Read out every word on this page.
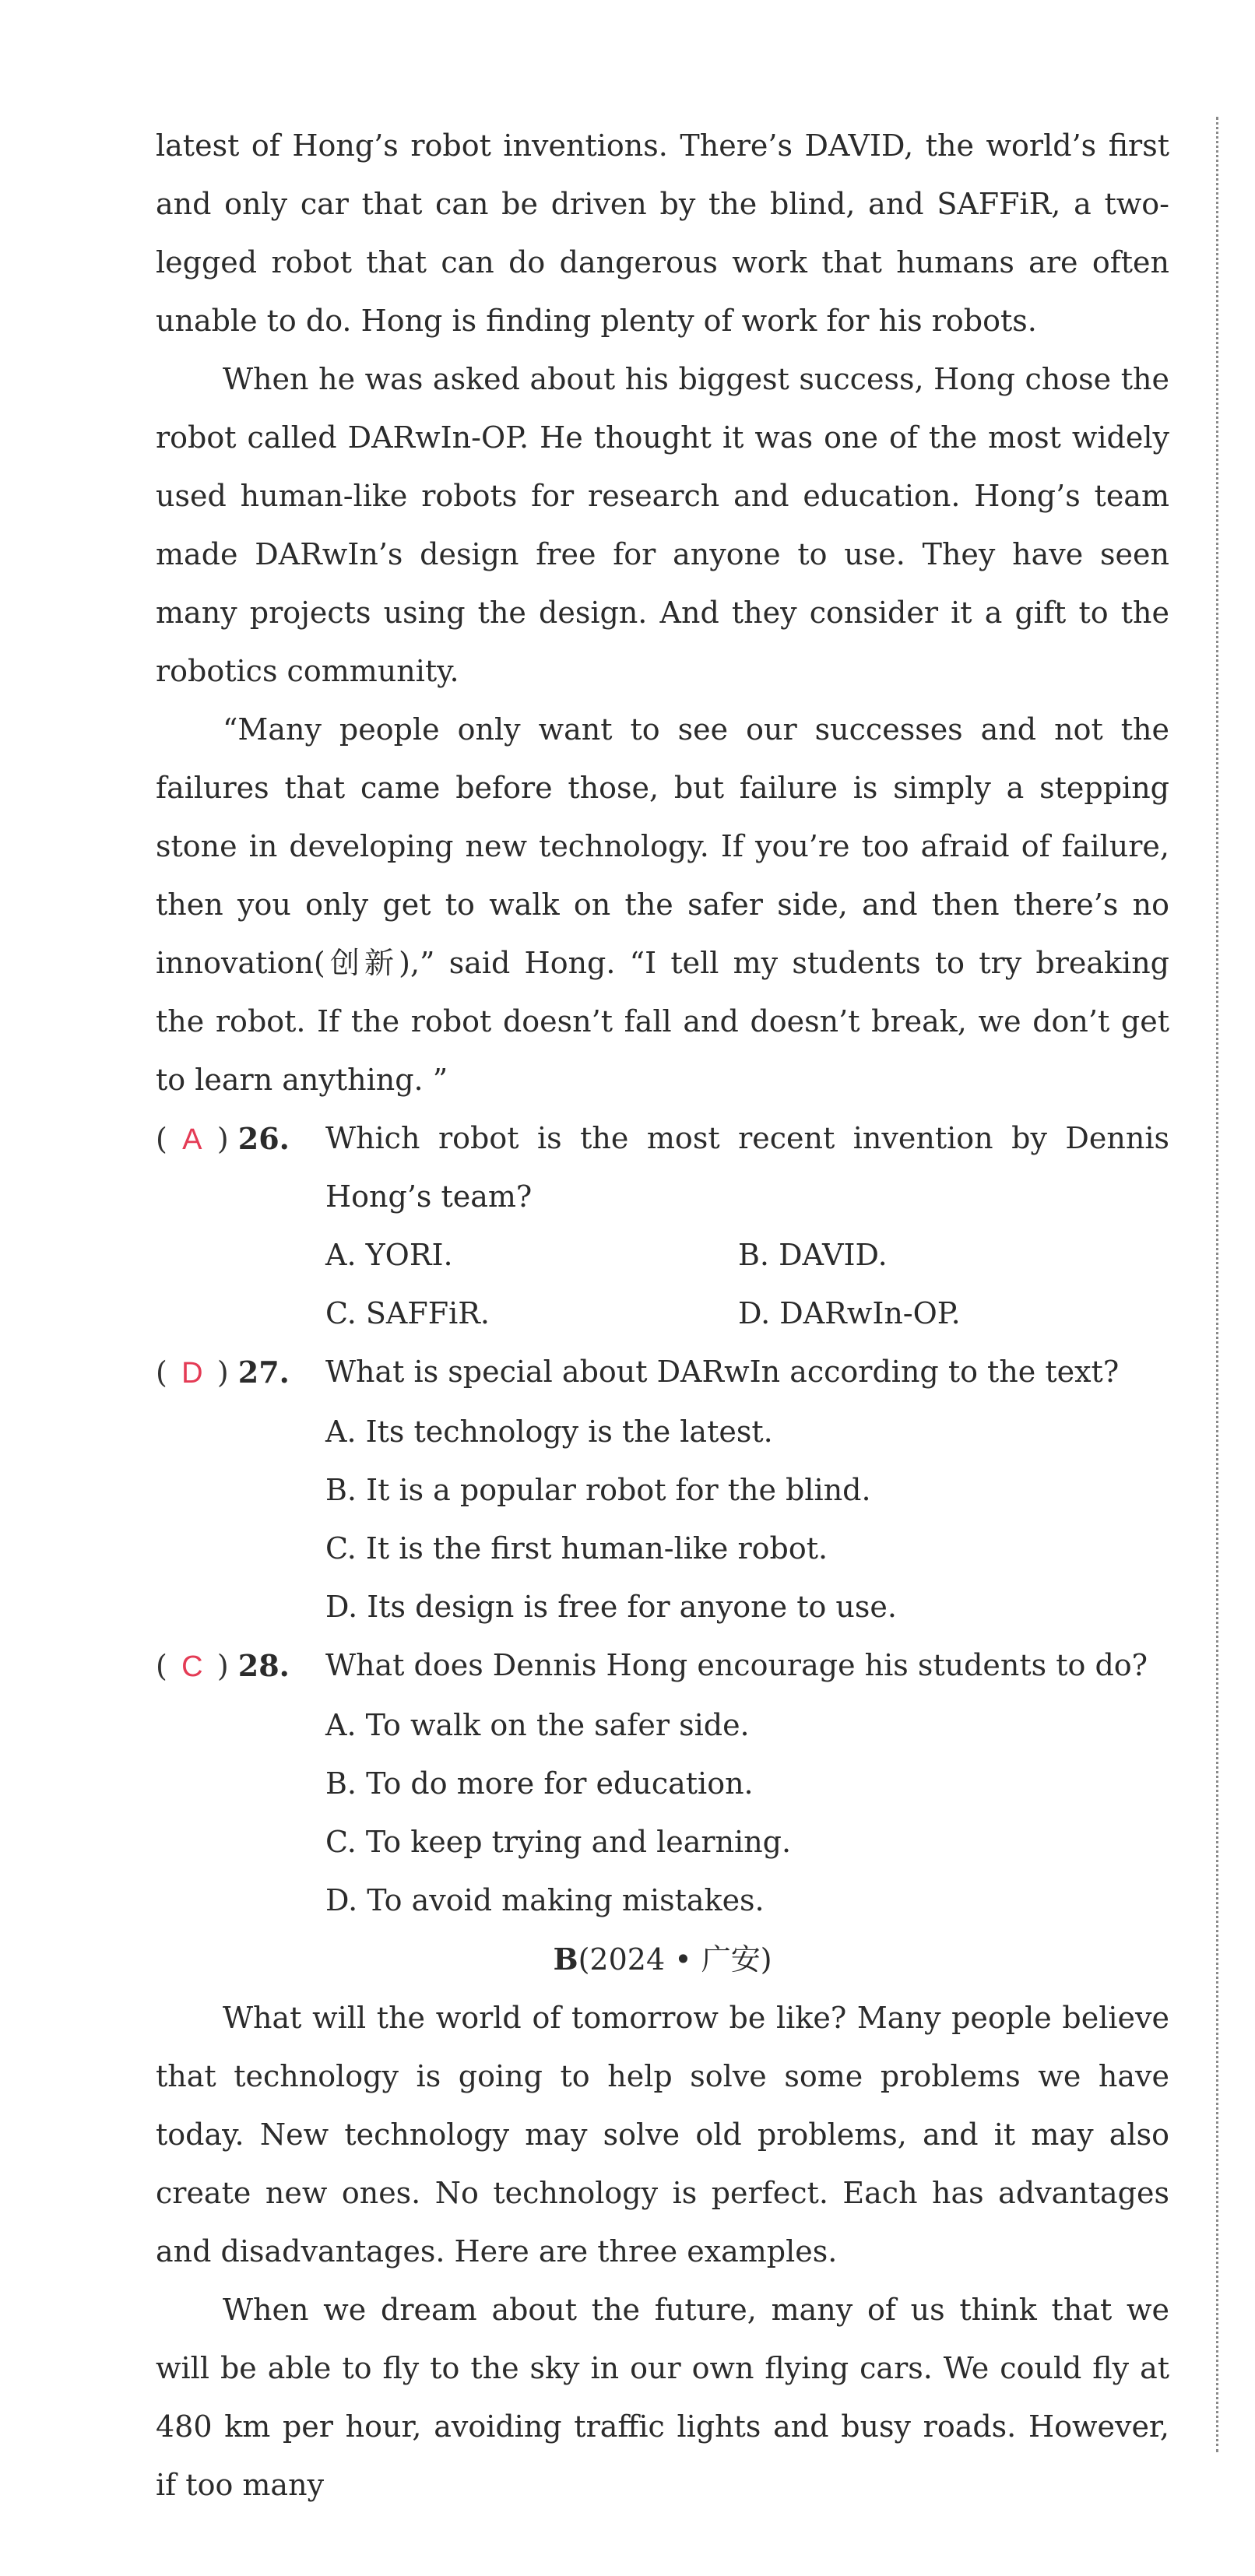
latest of Hong’s robot inventions. There’s DAVID, the world’s first and only car that can be driven by the blind, and SAFFiR, a two-legged robot that can do dangerous work that humans are often unable to do. Hong is finding plenty of work for his robots.

When he was asked about his biggest success, Hong chose the robot called DARwIn-OP. He thought it was one of the most widely used human-like robots for research and education. Hong’s team made DARwIn’s design free for anyone to use. They have seen many projects using the design. And they consider it a gift to the robotics community.

“Many people only want to see our successes and not the failures that came before those, but failure is simply a stepping stone in developing new technology. If you’re too afraid of failure, then you only get to walk on the safer side, and then there’s no innovation(创新),” said Hong. “I tell my students to try breaking the robot. If the robot doesn’t fall and doesn’t break, we don’t get to learn anything. ”

( A ) 26.	Which robot is the most recent invention by Dennis Hong’s team?
A. YORI.	B. DAVID.
C. SAFFiR.	D. DARwIn-OP.
( D ) 27.	What is special about DARwIn according to the text?
A. Its technology is the latest.
B. It is a popular robot for the blind.
C. It is the first human-like robot.
D. Its design is free for anyone to use.
( C ) 28.	What does Dennis Hong encourage his students to do?
A. To walk on the safer side.
B. To do more for education.
C. To keep trying and learning.
D. To avoid making mistakes.

B(2024 • 广安)

What will the world of tomorrow be like? Many people believe that technology is going to help solve some problems we have today. New technology may solve old problems, and it may also create new ones. No technology is perfect. Each has advantages and disadvantages. Here are three examples.

When we dream about the future, many of us think that we will be able to fly to the sky in our own flying cars. We could fly at 480 km per hour, avoiding traffic lights and busy roads. However, if too many
